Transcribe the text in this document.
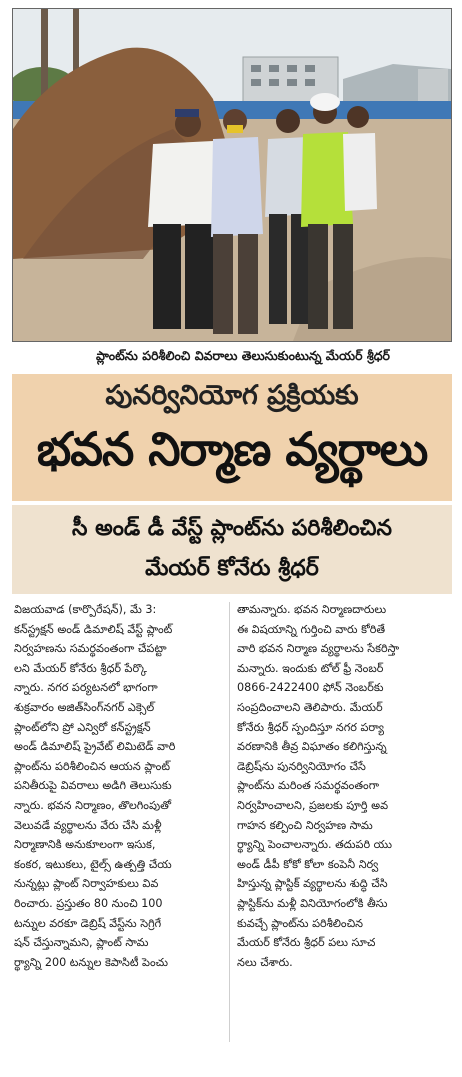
ప్లాంట్‌ను పరిశీలించి వివరాలు తెలుసుకుంటున్న మేయర్ శ్రీధర్
పునర్వినియోగ ప్రక్రియకు
భవన నిర్మాణ వ్యర్థాలు
సీ అండ్ డీ వేస్ట్ ప్లాంట్‌ను పరిశీలించిన
మేయర్ కోనేరు శ్రీధర్
విజయవాడ (కార్పొరేషన్), మే 3:
కన్‌స్ట్రక్షన్ అండ్ డిమాలిష్ వేస్ట్ ప్లాంట్
నిర్వహణను సమర్థవంతంగా చేపట్టా
లని మేయర్ కోనేరు శ్రీధర్ పేర్కొ
న్నారు. నగర పర్యటనలో భాగంగా
శుక్రవారం అజిత్‌సింగ్‌నగర్ ఎక్సెల్
ప్లాంట్‌లోని ప్రో ఎన్విరో కన్‌స్ట్రక్షన్
అండ్ డిమాలిష్ ప్రైవేట్ లిమిటెడ్ వారి
ప్లాంట్‌ను పరిశీలించిన ఆయన ప్లాంట్
పనితీరుపై వివరాలు అడిగి తెలుసుకు
న్నారు. భవన నిర్మాణం, తొలగింపుతో
వెలువడే వ్యర్థాలను వేరు చేసి మళ్లీ
నిర్మాణానికి అనుకూలంగా ఇసుక,
కంకర, ఇటుకలు, టైల్స్ ఉత్పత్తి చేయ
నున్నట్లు ప్లాంట్ నిర్వాహకులు వివ
రించారు. ప్రస్తుతం 80 నుంచి 100
టన్నుల వరకూ డెబ్రిష్ వేస్ట్‌ను సెగ్రిగే
షన్ చేస్తున్నామని, ప్లాంట్ సామ
ర్థ్యాన్ని 200 టన్నుల కెపాసిటీ పెంచు
తామన్నారు. భవన నిర్మాణదారులు
ఈ విషయాన్ని గుర్తించి వారు కోరితే
వారి భవన నిర్మాణ వ్యర్థాలను సేకరిస్తా
మన్నారు. ఇందుకు టోల్ ఫ్రీ నెంబర్
0866-2422400 ఫోన్ నెంబర్‌కు
సంప్రదించాలని తెలిపారు. మేయర్
కోనేరు శ్రీధర్ స్పందిస్తూ నగర పర్యా
వరణానికి తీవ్ర విఘాతం కలిగిస్తున్న
డెబ్రిష్‌ను పునర్వినియోగం చేసే
ప్లాంట్‌ను మరింత సమర్థవంతంగా
నిర్వహించాలని, ప్రజలకు పూర్తి అవ
గాహన కల్పించి నిర్వహణ సామ
ర్థ్యాన్ని పెంచాలన్నారు. తదుపరి యు
అండ్ డీపీ కోకో కోలా కంపెనీ నిర్వ
హిస్తున్న ప్లాస్టిక్ వ్యర్థాలను శుద్ధి చేసి
ప్లాస్టిక్‌ను మళ్లీ వినియోగంలోకి తీసు
కువచ్చే ప్లాంట్‌ను పరిశీలించిన
మేయర్ కోనేరు శ్రీధర్ పలు సూచ
నలు చేశారు.
